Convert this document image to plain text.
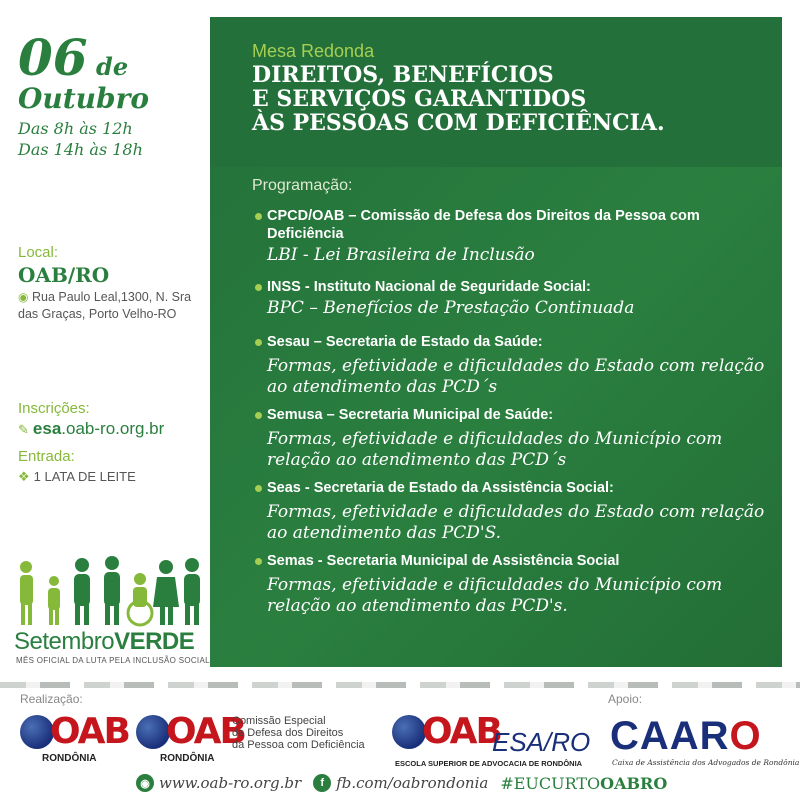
06 de
Outubro
Das 8h às 12h
Das 14h às 18h
Local:
OAB/RO
◉ Rua Paulo Leal,1300, N. Sra
das Graças, Porto Velho-RO
Inscrições:
✎ esa.oab-ro.org.br
Entrada:
❖ 1 LATA DE LEITE
SetembroVERDE
MÊS OFICIAL DA LUTA PELA INCLUSÃO SOCIAL
Mesa Redonda
DIREITOS, BENEFÍCIOS
E SERVIÇOS GARANTIDOS
ÀS PESSOAS COM DEFICIÊNCIA.
Programação:
CPCD/OAB – Comissão de Defesa dos Direitos da Pessoa com Deficiência
LBI - Lei Brasileira de Inclusão
INSS - Instituto Nacional de Seguridade Social:
BPC – Benefícios de Prestação Continuada
Sesau – Secretaria de Estado da Saúde:
Formas, efetividade e dificuldades do Estado com relação ao atendimento das PCD´s
Semusa – Secretaria Municipal de Saúde:
Formas, efetividade e dificuldades do Município com relação ao atendimento das PCD´s
Seas - Secretaria de Estado da Assistência Social:
Formas, efetividade e dificuldades do Estado com relação ao atendimento das PCD'S.
Semas - Secretaria Municipal de Assistência Social
Formas, efetividade e dificuldades do Município com relação ao atendimento das PCD's.
Realização:	Apoio:
OAB
RONDÔNIA
OAB
RONDÔNIA
Comissão Especial
de Defesa dos Direitos
da Pessoa com Deficiência OAB
ESA/RO
ESCOLA SUPERIOR DE ADVOCACIA DE RONDÔNIA
CAARO
Caixa de Assistência dos Advogados de Rondônia
◉ www.oab-ro.org.br	f fb.com/oabrondonia #EUCURTOOABRO
